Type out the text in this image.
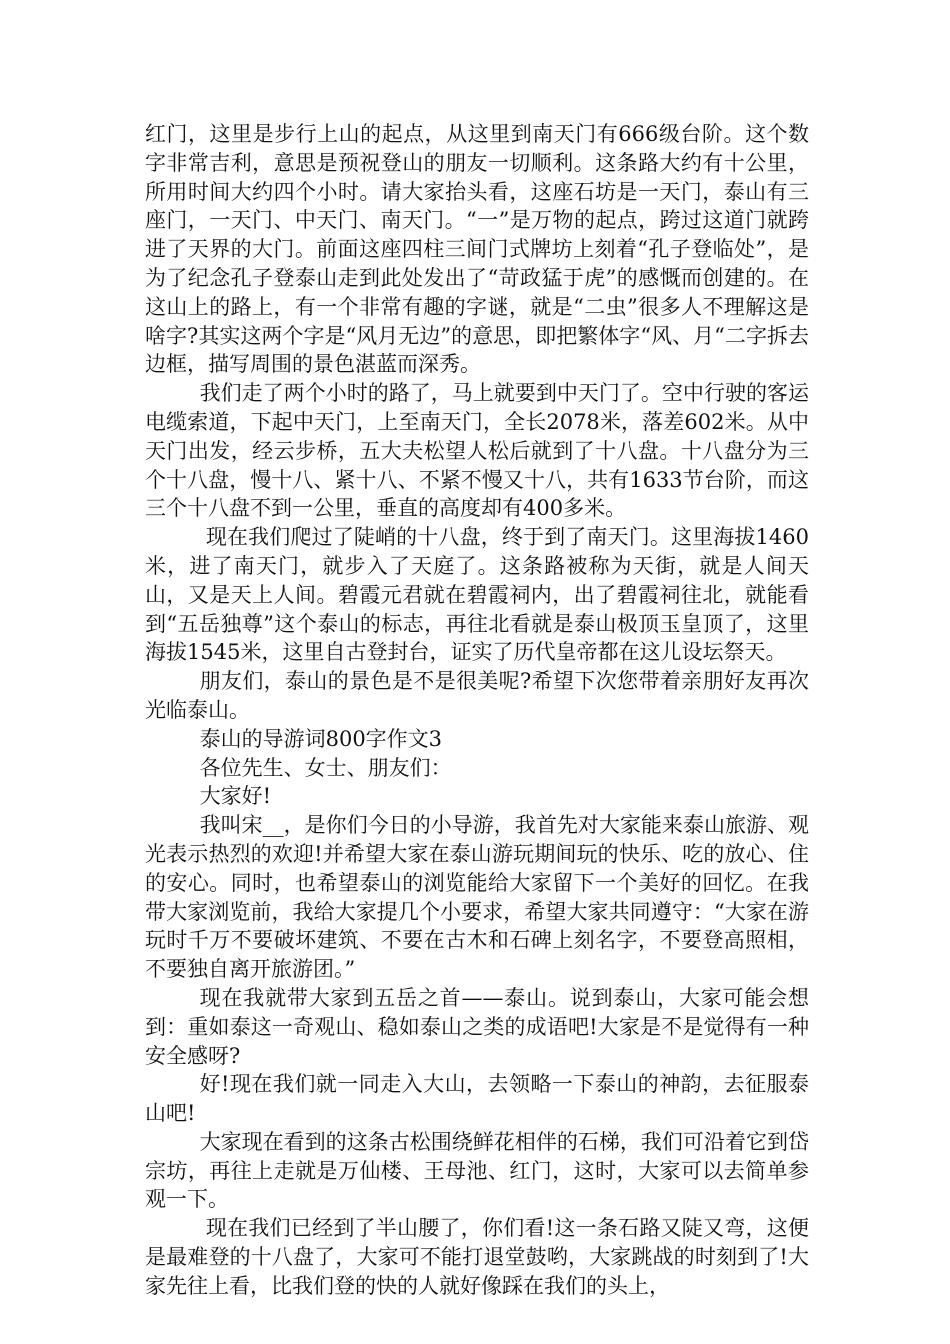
红门，这里是步行上山的起点，从这里到南天门有666级台阶。这个数字非常吉利，意思是预祝登山的朋友一切顺利。这条路大约有十公里，所用时间大约四个小时。请大家抬头看，这座石坊是一天门，泰山有三座门，一天门、中天门、南天门。“一”是万物的起点，跨过这道门就跨进了天界的大门。前面这座四柱三间门式牌坊上刻着“孔子登临处”，是为了纪念孔子登泰山走到此处发出了“苛政猛于虎”的感慨而创建的。在这山上的路上，有一个非常有趣的字谜，就是“二虫”很多人不理解这是啥字?其实这两个字是“风月无边”的意思，即把繁体字“风、月“二字拆去边框，描写周围的景色湛蓝而深秀。

我们走了两个小时的路了，马上就要到中天门了。空中行驶的客运电缆索道，下起中天门，上至南天门，全长2078米，落差602米。从中天门出发，经云步桥，五大夫松望人松后就到了十八盘。十八盘分为三个十八盘，慢十八、紧十八、不紧不慢又十八，共有1633节台阶，而这三个十八盘不到一公里，垂直的高度却有400多米。

现在我们爬过了陡峭的十八盘，终于到了南天门。这里海拔1460米，进了南天门，就步入了天庭了。这条路被称为天街，就是人间天山，又是天上人间。碧霞元君就在碧霞祠内，出了碧霞祠往北，就能看到“五岳独尊”这个泰山的标志，再往北看就是泰山极顶玉皇顶了，这里海拔1545米，这里自古登封台，证实了历代皇帝都在这儿设坛祭天。

朋友们，泰山的景色是不是很美呢?希望下次您带着亲朋好友再次光临泰山。

泰山的导游词800字作文3

各位先生、女士、朋友们：

大家好!

我叫宋__，是你们今日的小导游，我首先对大家能来泰山旅游、观光表示热烈的欢迎!并希望大家在泰山游玩期间玩的快乐、吃的放心、住的安心。同时，也希望泰山的浏览能给大家留下一个美好的回忆。在我带大家浏览前，我给大家提几个小要求，希望大家共同遵守：“大家在游玩时千万不要破坏建筑、不要在古木和石碑上刻名字，不要登高照相，不要独自离开旅游团。”

现在我就带大家到五岳之首——泰山。说到泰山，大家可能会想到：重如泰这一奇观山、稳如泰山之类的成语吧!大家是不是觉得有一种安全感呀?

好!现在我们就一同走入大山，去领略一下泰山的神韵，去征服泰山吧!

大家现在看到的这条古松围绕鲜花相伴的石梯，我们可沿着它到岱宗坊，再往上走就是万仙楼、王母池、红门，这时，大家可以去简单参观一下。

现在我们已经到了半山腰了，你们看!这一条石路又陡又弯，这便是最难登的十八盘了，大家可不能打退堂鼓哟，大家跳战的时刻到了!大家先往上看，比我们登的快的人就好像踩在我们的头上，
